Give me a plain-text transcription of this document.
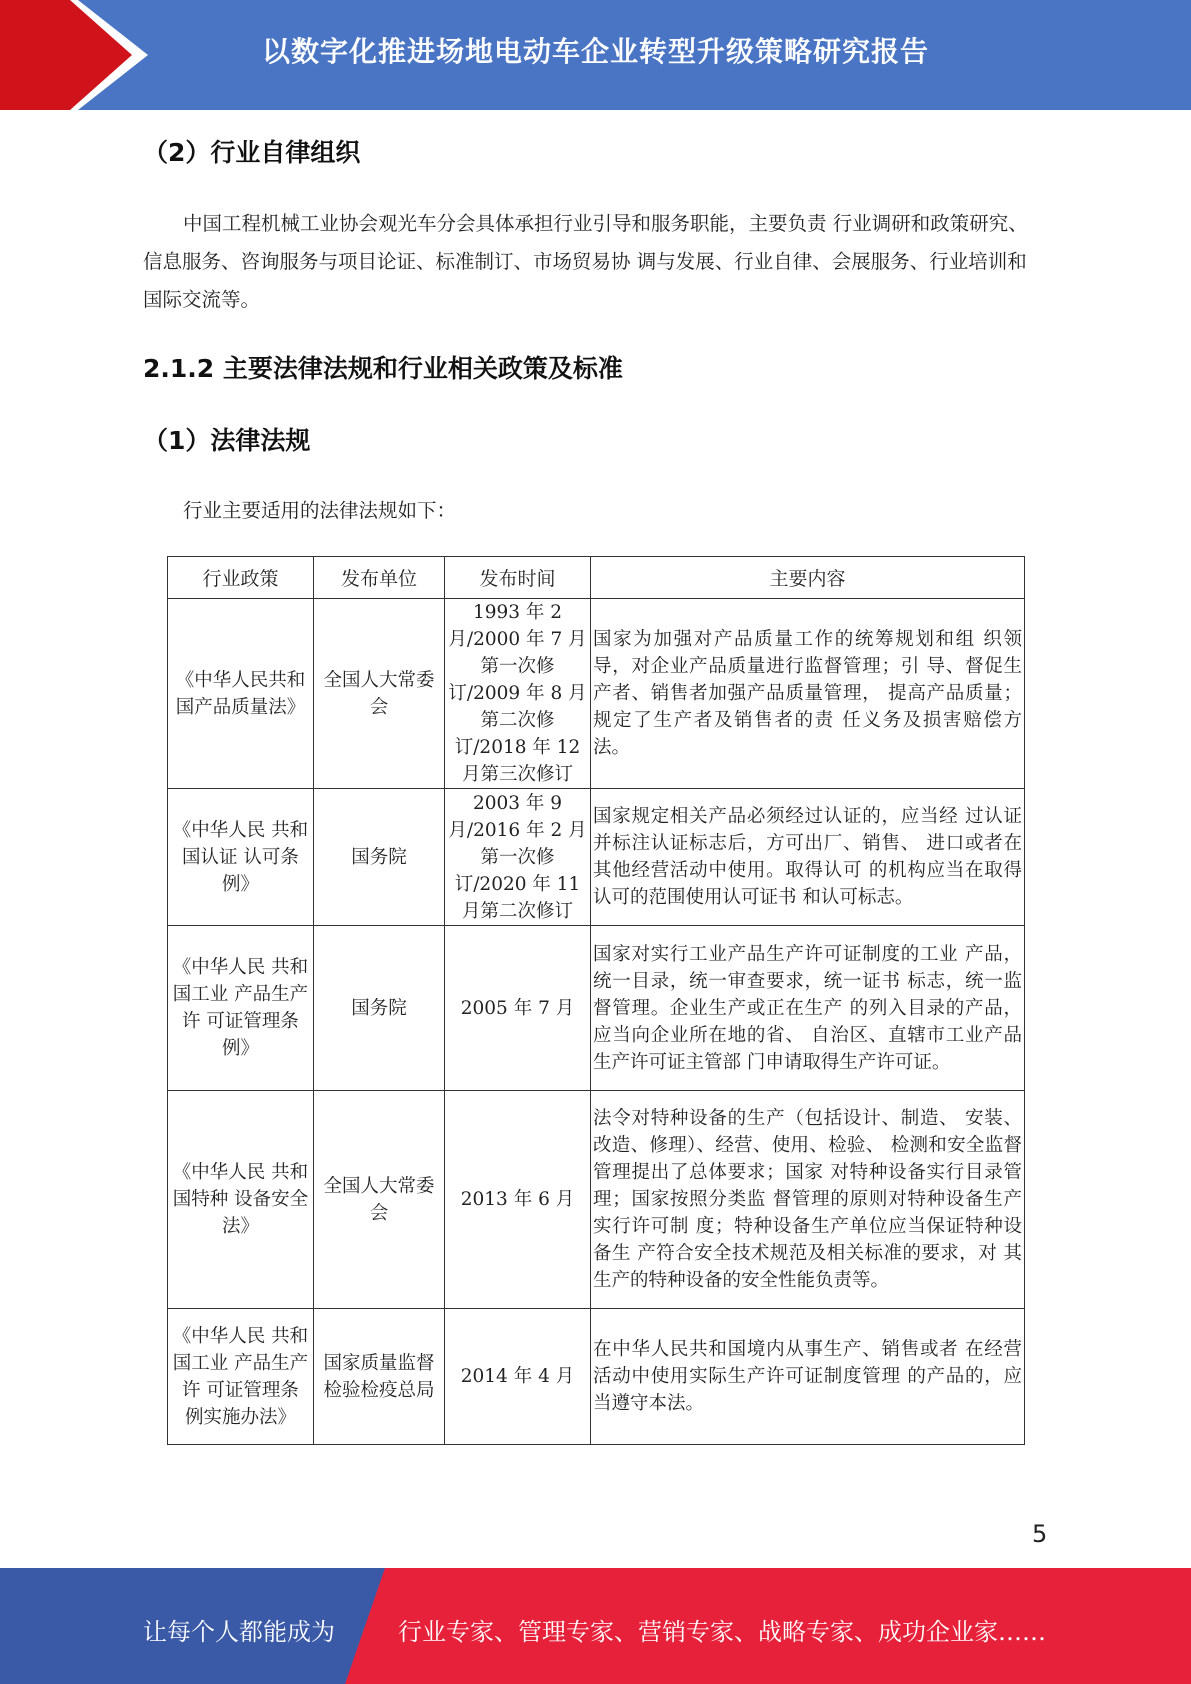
以数字化推进场地电动车企业转型升级策略研究报告
（2）行业自律组织
中国工程机械工业协会观光车分会具体承担行业引导和服务职能，主要负责 行业调研和政策研究、信息服务、咨询服务与项目论证、标准制订、市场贸易协 调与发展、行业自律、会展服务、行业培训和国际交流等。
2.1.2 主要法律法规和行业相关政策及标准
（1）法律法规
行业主要适用的法律法规如下：
行业政策	发布单位	发布时间	主要内容
《中华人民共和国产品质量法》	全国人大常委会	1993 年 2 月/2000 年 7 月第一次修订/2009 年 8 月第二次修订/2018 年 12 月第三次修订	国家为加强对产品质量工作的统筹规划和组 织领导，对企业产品质量进行监督管理；引 导、督促生产者、销售者加强产品质量管理， 提高产品质量；规定了生产者及销售者的责 任义务及损害赔偿方法。
《中华人民 共和国认证 认可条例》	国务院	2003 年 9 月/2016 年 2 月第一次修订/2020 年 11 月第二次修订	国家规定相关产品必须经过认证的，应当经 过认证并标注认证标志后，方可出厂、销售、 进口或者在其他经营活动中使用。取得认可 的机构应当在取得认可的范围使用认可证书 和认可标志。
《中华人民 共和国工业 产品生产许 可证管理条 例》	国务院	2005 年 7 月	国家对实行工业产品生产许可证制度的工业 产品，统一目录，统一审查要求，统一证书 标志，统一监督管理。企业生产或正在生产 的列入目录的产品，应当向企业所在地的省、 自治区、直辖市工业产品生产许可证主管部 门申请取得生产许可证。
《中华人民 共和国特种 设备安全法》	全国人大常委会	2013 年 6 月	法令对特种设备的生产（包括设计、制造、 安装、改造、修理）、经营、使用、检验、 检测和安全监督管理提出了总体要求；国家 对特种设备实行目录管理；国家按照分类监 督管理的原则对特种设备生产实行许可制 度；特种设备生产单位应当保证特种设备生 产符合安全技术规范及相关标准的要求，对 其生产的特种设备的安全性能负责等。
《中华人民 共和国工业 产品生产许 可证管理条 例实施办法》	国家质量监督检验检疫总局	2014 年 4 月	在中华人民共和国境内从事生产、销售或者 在经营活动中使用实际生产许可证制度管理 的产品的，应当遵守本法。
5
让每个人都能成为	行业专家、管理专家、营销专家、战略专家、成功企业家……
